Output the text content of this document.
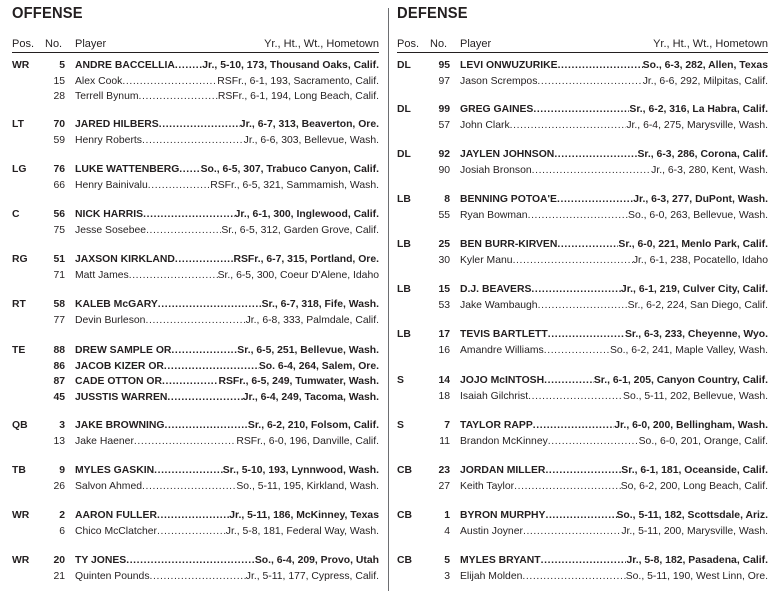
OFFENSE
Pos. No. Player	Yr., Ht., Wt., Hometown
WR	5 ANDRE BACCELLIA .....	Jr., 5-10, 173, Thousand Oaks, Calif.
15 Alex Cook .....	RSFr., 6-1, 193, Sacramento, Calif.
28 Terrell Bynum .....	RSFr., 6-1, 194, Long Beach, Calif.
LT	70 JARED HILBERS .....	Jr., 6-7, 313, Beaverton, Ore.
59 Henry Roberts .....	Jr., 6-6, 303, Bellevue, Wash.
LG	76 LUKE WATTENBERG ..... So., 6-5, 307, Trabuco Canyon, Calif.
66 Henry Bainivalu .....	RSFr., 6-5, 321, Sammamish, Wash.
C	56 NICK HARRIS .....	Jr., 6-1, 300, Inglewood, Calif.
75 Jesse Sosebee .....	Sr., 6-5, 312, Garden Grove, Calif.
RG	51 JAXSON KIRKLAND .....	RSFr., 6-7, 315, Portland, Ore.
71 Matt James .....	Sr., 6-5, 300, Coeur D'Alene, Idaho
RT	58 KALEB McGARY .....	Sr., 6-7, 318, Fife, Wash.
77 Devin Burleson .....	Jr., 6-8, 333, Palmdale, Calif.
TE	88 DREW SAMPLE OR .....	Sr., 6-5, 251, Bellevue, Wash.
86 JACOB KIZER OR .....	So. 6-4, 264, Salem, Ore.
87 CADE OTTON OR .....	RSFr., 6-5, 249, Tumwater, Wash.
45 JUSSTIS WARREN .....	Jr., 6-4, 249, Tacoma, Wash.
QB	3 JAKE BROWNING .....	Sr., 6-2, 210, Folsom, Calif.
13 Jake Haener .....	RSFr., 6-0, 196, Danville, Calif.
TB	9 MYLES GASKIN .....	Sr., 5-10, 193, Lynnwood, Wash.
26 Salvon Ahmed .....	So., 5-11, 195, Kirkland, Wash.
WR	2 AARON FULLER .....	Jr., 5-11, 186, McKinney, Texas
6 Chico McClatcher .....	Jr., 5-8, 181, Federal Way, Wash.
WR	20 TY JONES .....	So., 6-4, 209, Provo, Utah
21 Quinten Pounds .....	Jr., 5-11, 177, Cypress, Calif.
DEFENSE
Pos. No. Player	Yr., Ht., Wt., Hometown
DL	95 LEVI ONWUZURIKE .....	So., 6-3, 282, Allen, Texas
97 Jason Scrempos .....	Jr., 6-6, 292, Milpitas, Calif.
DL	99 GREG GAINES .....	Sr., 6-2, 316, La Habra, Calif.
57 John Clark .....	Jr., 6-4, 275, Marysville, Wash.
DL	92 JAYLEN JOHNSON .....	Sr., 6-3, 286, Corona, Calif.
90 Josiah Bronson .....	Jr., 6-3, 280, Kent, Wash.
LB	8 BENNING POTOA'E .....	Jr., 6-3, 277, DuPont, Wash.
55 Ryan Bowman .....	So., 6-0, 263, Bellevue, Wash.
LB	25 BEN BURR-KIRVEN .....	Sr., 6-0, 221, Menlo Park, Calif.
30 Kyler Manu .....	Jr., 6-1, 238, Pocatello, Idaho
LB	15 D.J. BEAVERS .....	Jr., 6-1, 219, Culver City, Calif.
53 Jake Wambaugh .....	Sr., 6-2, 224, San Diego, Calif.
LB	17 TEVIS BARTLETT .....	Sr., 6-3, 233, Cheyenne, Wyo.
16 Amandre Williams .....	So., 6-2, 241, Maple Valley, Wash.
S	14 JOJO McINTOSH .....	Sr., 6-1, 205, Canyon Country, Calif.
18 Isaiah Gilchrist .....	So., 5-11, 202, Bellevue, Wash.
S	7 TAYLOR RAPP .....	Jr., 6-0, 200, Bellingham, Wash.
11 Brandon McKinney .....	So., 6-0, 201, Orange, Calif.
CB	23 JORDAN MILLER .....	Sr., 6-1, 181, Oceanside, Calif.
27 Keith Taylor .....	So, 6-2, 200, Long Beach, Calif.
CB	1 BYRON MURPHY .....	So., 5-11, 182, Scottsdale, Ariz.
4 Austin Joyner .....	Jr., 5-11, 200, Marysville, Wash.
CB	5 MYLES BRYANT .....	Jr., 5-8, 182, Pasadena, Calif.
3 Elijah Molden .....	So., 5-11, 190, West Linn, Ore.
